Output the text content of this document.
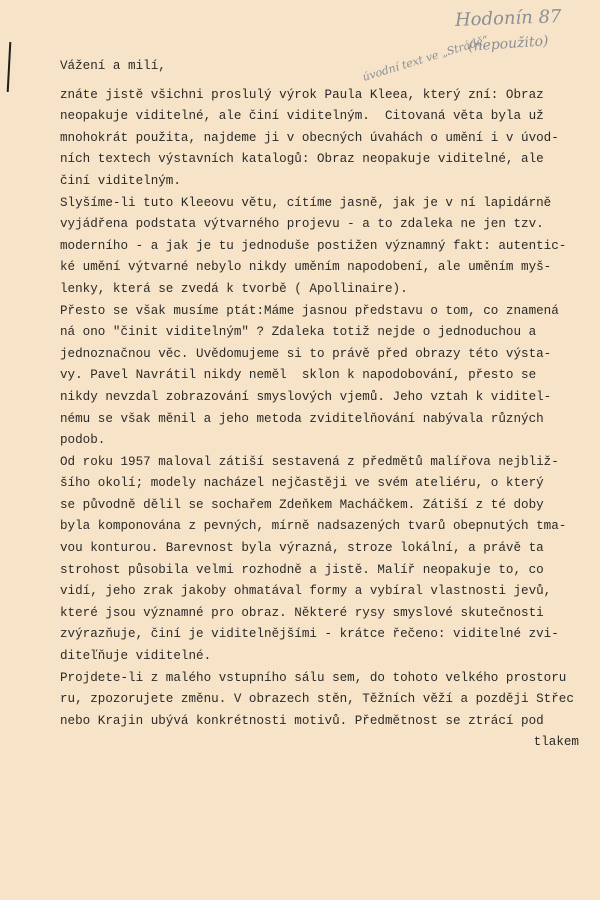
Hodonín 87
(nepoužito)
úvodní text ve „Strádě“
Vážení a milí,
znáte jistě všichni proslulý výrok Paula Kleea, který zní: Obraz
neopakuje viditelné, ale činí viditelným.  Citovaná věta byla už
mnohokrát použita, najdeme ji v obecných úvahách o umění i v úvod-
ních textech výstavních katalogů: Obraz neopakuje viditelné, ale
činí viditelným.
Slyšíme-li tuto Kleeovu větu, cítíme jasně, jak je v ní lapidárně
vyjádřena podstata výtvarného projevu - a to zdaleka ne jen tzv.
moderního - a jak je tu jednoduše postižen významný fakt: autentic-
ké umění výtvarné nebylo nikdy uměním napodobení, ale uměním myš-
lenky, která se zvedá k tvorbě ( Apollinaire).
Přesto se však musíme ptát:Máme jasnou představu o tom, co znamená
ná ono "činit viditelným" ? Zdaleka totiž nejde o jednoduchou a
jednoznačnou věc. Uvědomujeme si to právě před obrazy této výsta-
vy. Pavel Navrátil nikdy neměl  sklon k napodobování, přesto se
nikdy nevzdal zobrazování smyslových vjemů. Jeho vztah k viditel-
nému se však měnil a jeho metoda zviditelňování nabývala různých
podob.
Od roku 1957 maloval zátiší sestavená z předmětů malířova nejbliž-
šího okolí; modely nacházel nejčastěji ve svém ateliéru, o který
se původně dělil se sochařem Zdeňkem Macháčkem. Zátiší z té doby
byla komponována z pevných, mírně nadsazených tvarů obepnutých tma-
vou konturou. Barevnost byla výrazná, stroze lokální, a právě ta
strohost působila velmi rozhodně a jistě. Malíř neopakuje to, co
vidí, jeho zrak jakoby ohmatával formy a vybíral vlastnosti jevů,
které jsou významné pro obraz. Některé rysy smyslové skutečnosti
zvýrazňuje, činí je viditelnějšími - krátce řečeno: viditelné zvi-
diteľňuje viditelné.
Projdete-li z malého vstupního sálu sem, do tohoto velkého prostoru
ru, zpozorujete změnu. V obrazech stěn, Těžních věží a později Střec
nebo Krajin ubývá konkrétnosti motivů. Předmětnost se ztrácí pod
tlakem
